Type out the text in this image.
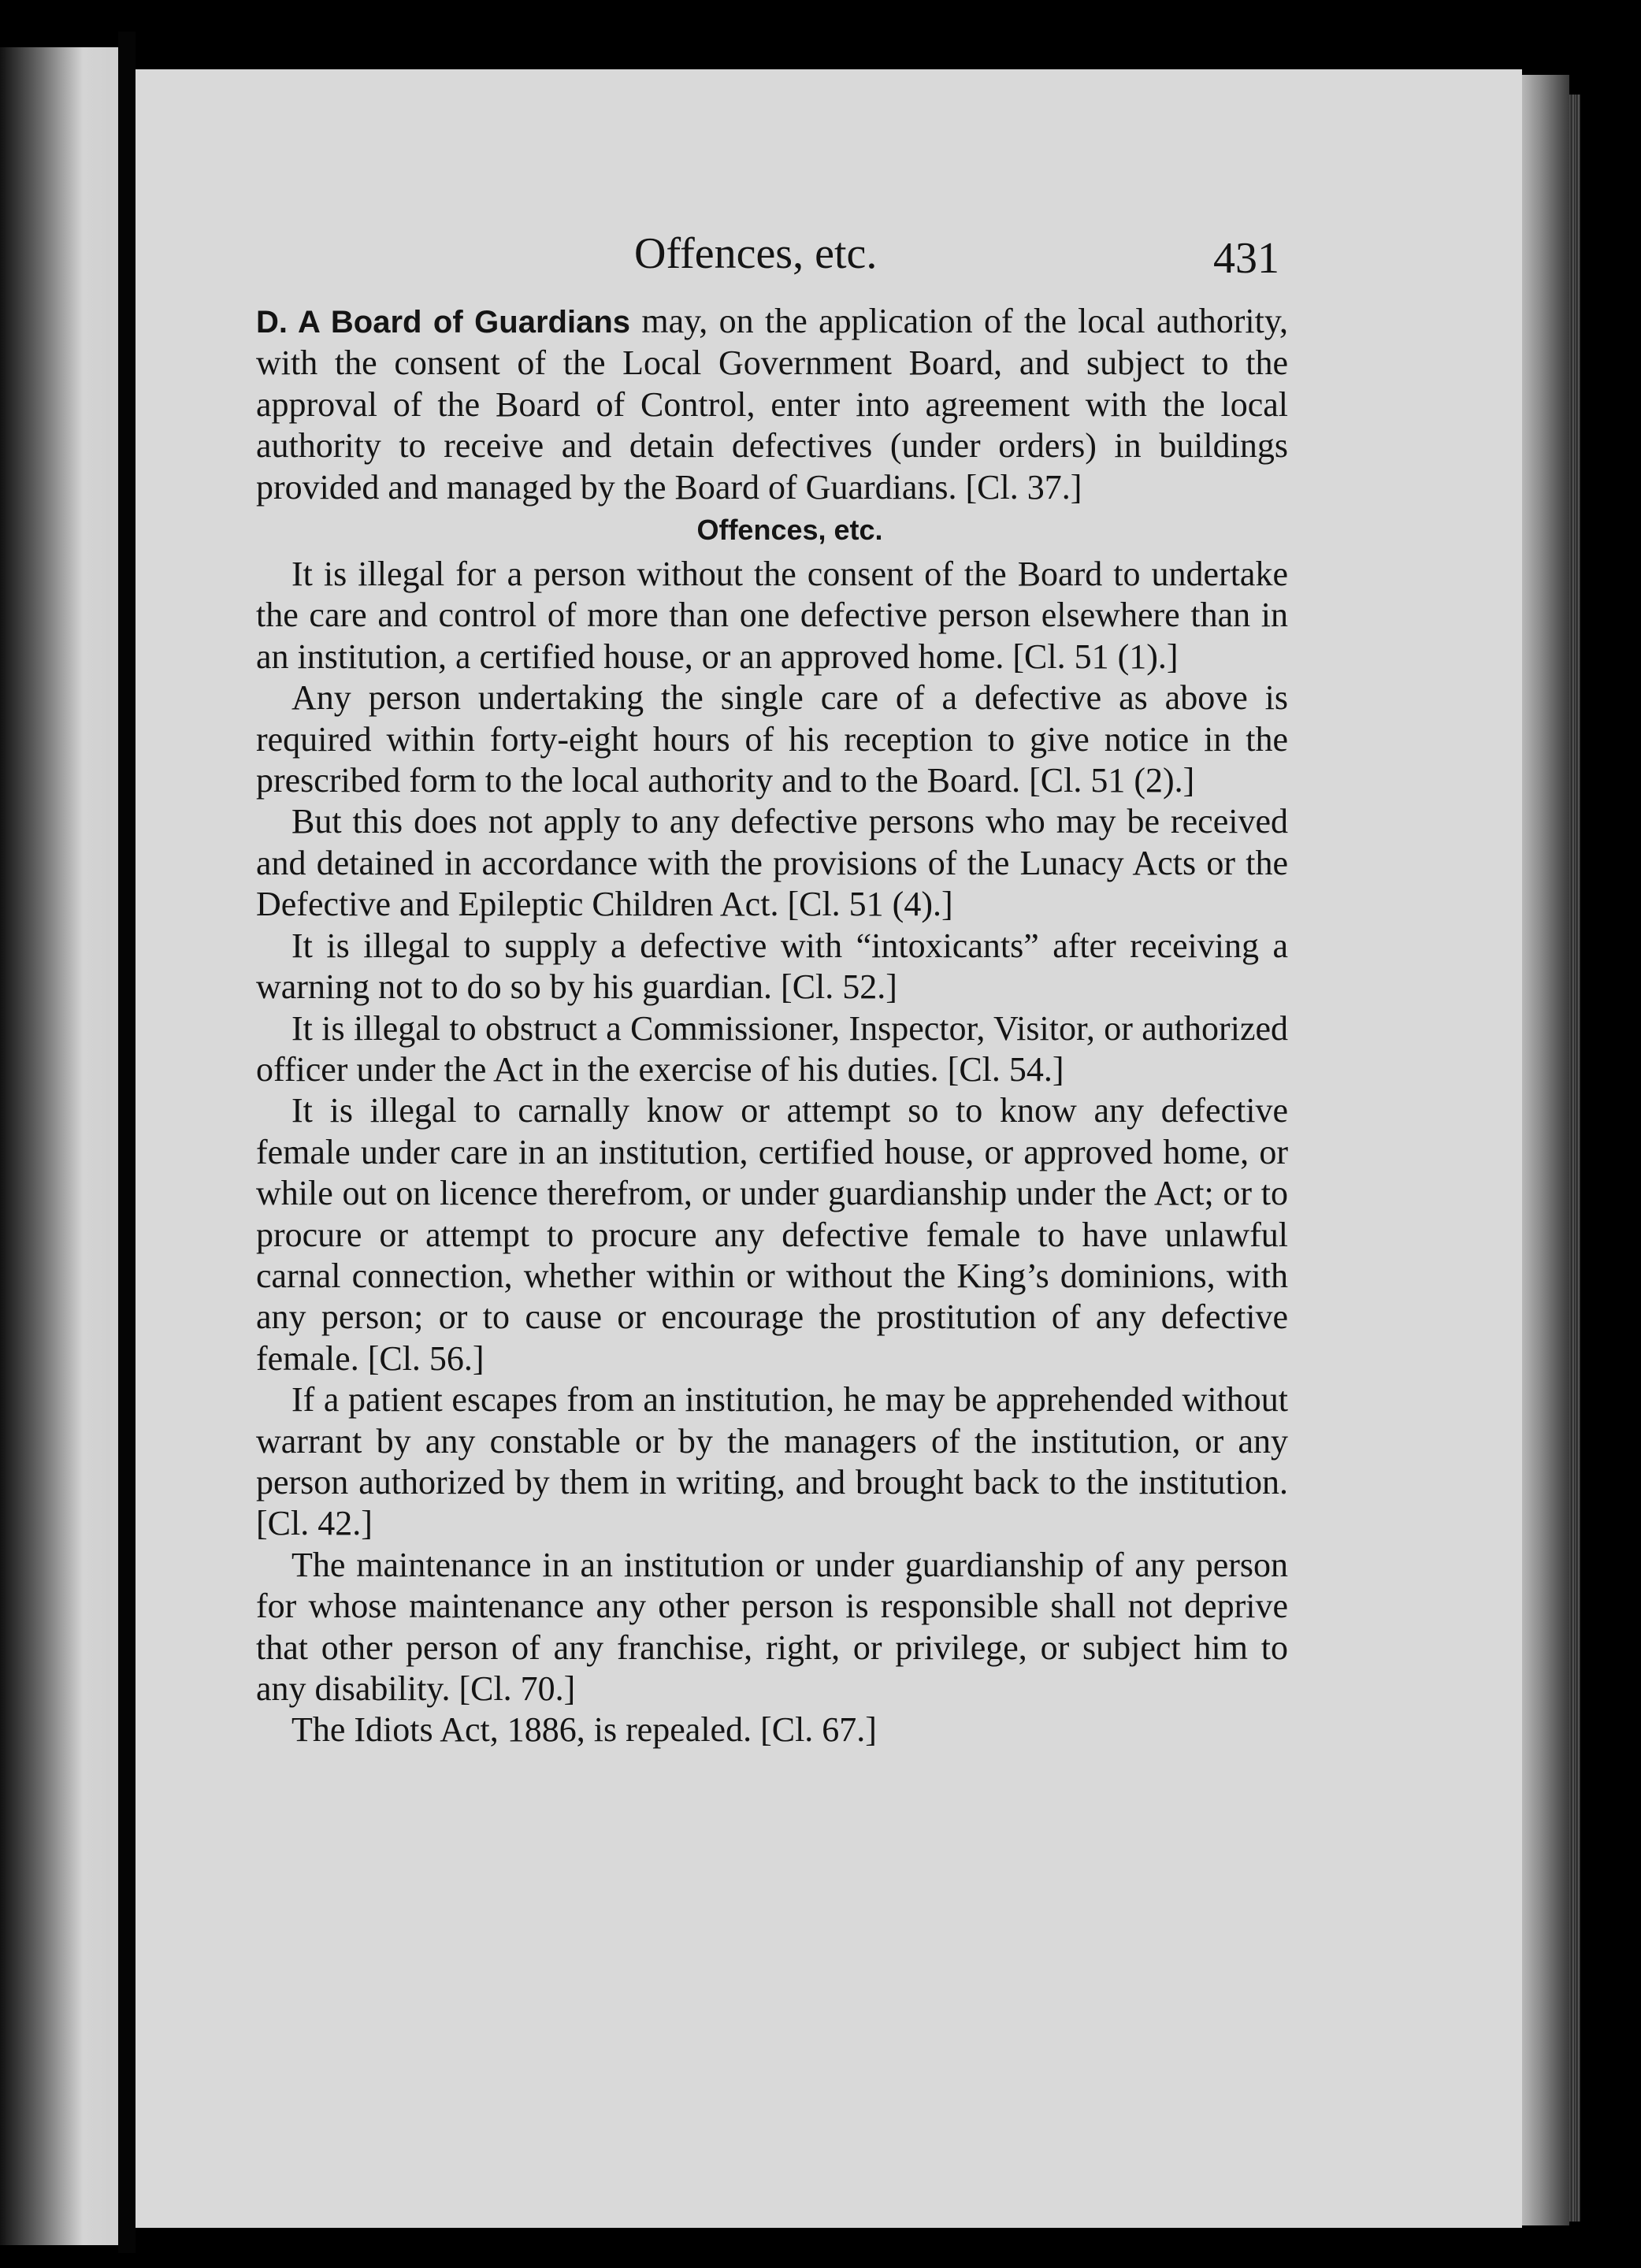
Offences, etc.	431

D. A Board of Guardians may, on the application of the local authority, with the consent of the Local Government Board, and subject to the approval of the Board of Control, enter into agreement with the local authority to receive and detain defectives (under orders) in buildings provided and managed by the Board of Guardians. [Cl. 37.]

Offences, etc.

It is illegal for a person without the consent of the Board to undertake the care and control of more than one defective person elsewhere than in an institution, a certified house, or an approved home. [Cl. 51 (1).]

Any person undertaking the single care of a defective as above is required within forty-eight hours of his reception to give notice in the prescribed form to the local authority and to the Board. [Cl. 51 (2).]

But this does not apply to any defective persons who may be received and detained in accordance with the provisions of the Lunacy Acts or the Defective and Epileptic Children Act. [Cl. 51 (4).]

It is illegal to supply a defective with “intoxicants” after receiving a warning not to do so by his guardian. [Cl. 52.]

It is illegal to obstruct a Commissioner, Inspector, Visitor, or authorized officer under the Act in the exercise of his duties. [Cl. 54.]

It is illegal to carnally know or attempt so to know any defective female under care in an institution, certified house, or approved home, or while out on licence therefrom, or under guardianship under the Act; or to procure or attempt to procure any defective female to have unlawful carnal connection, whether within or without the King’s dominions, with any person; or to cause or encourage the prostitution of any defective female. [Cl. 56.]

If a patient escapes from an institution, he may be apprehended without warrant by any constable or by the managers of the institution, or any person authorized by them in writing, and brought back to the institution. [Cl. 42.]

The maintenance in an institution or under guardianship of any person for whose maintenance any other person is responsible shall not deprive that other person of any franchise, right, or privilege, or subject him to any disability. [Cl. 70.]

The Idiots Act, 1886, is repealed. [Cl. 67.]
